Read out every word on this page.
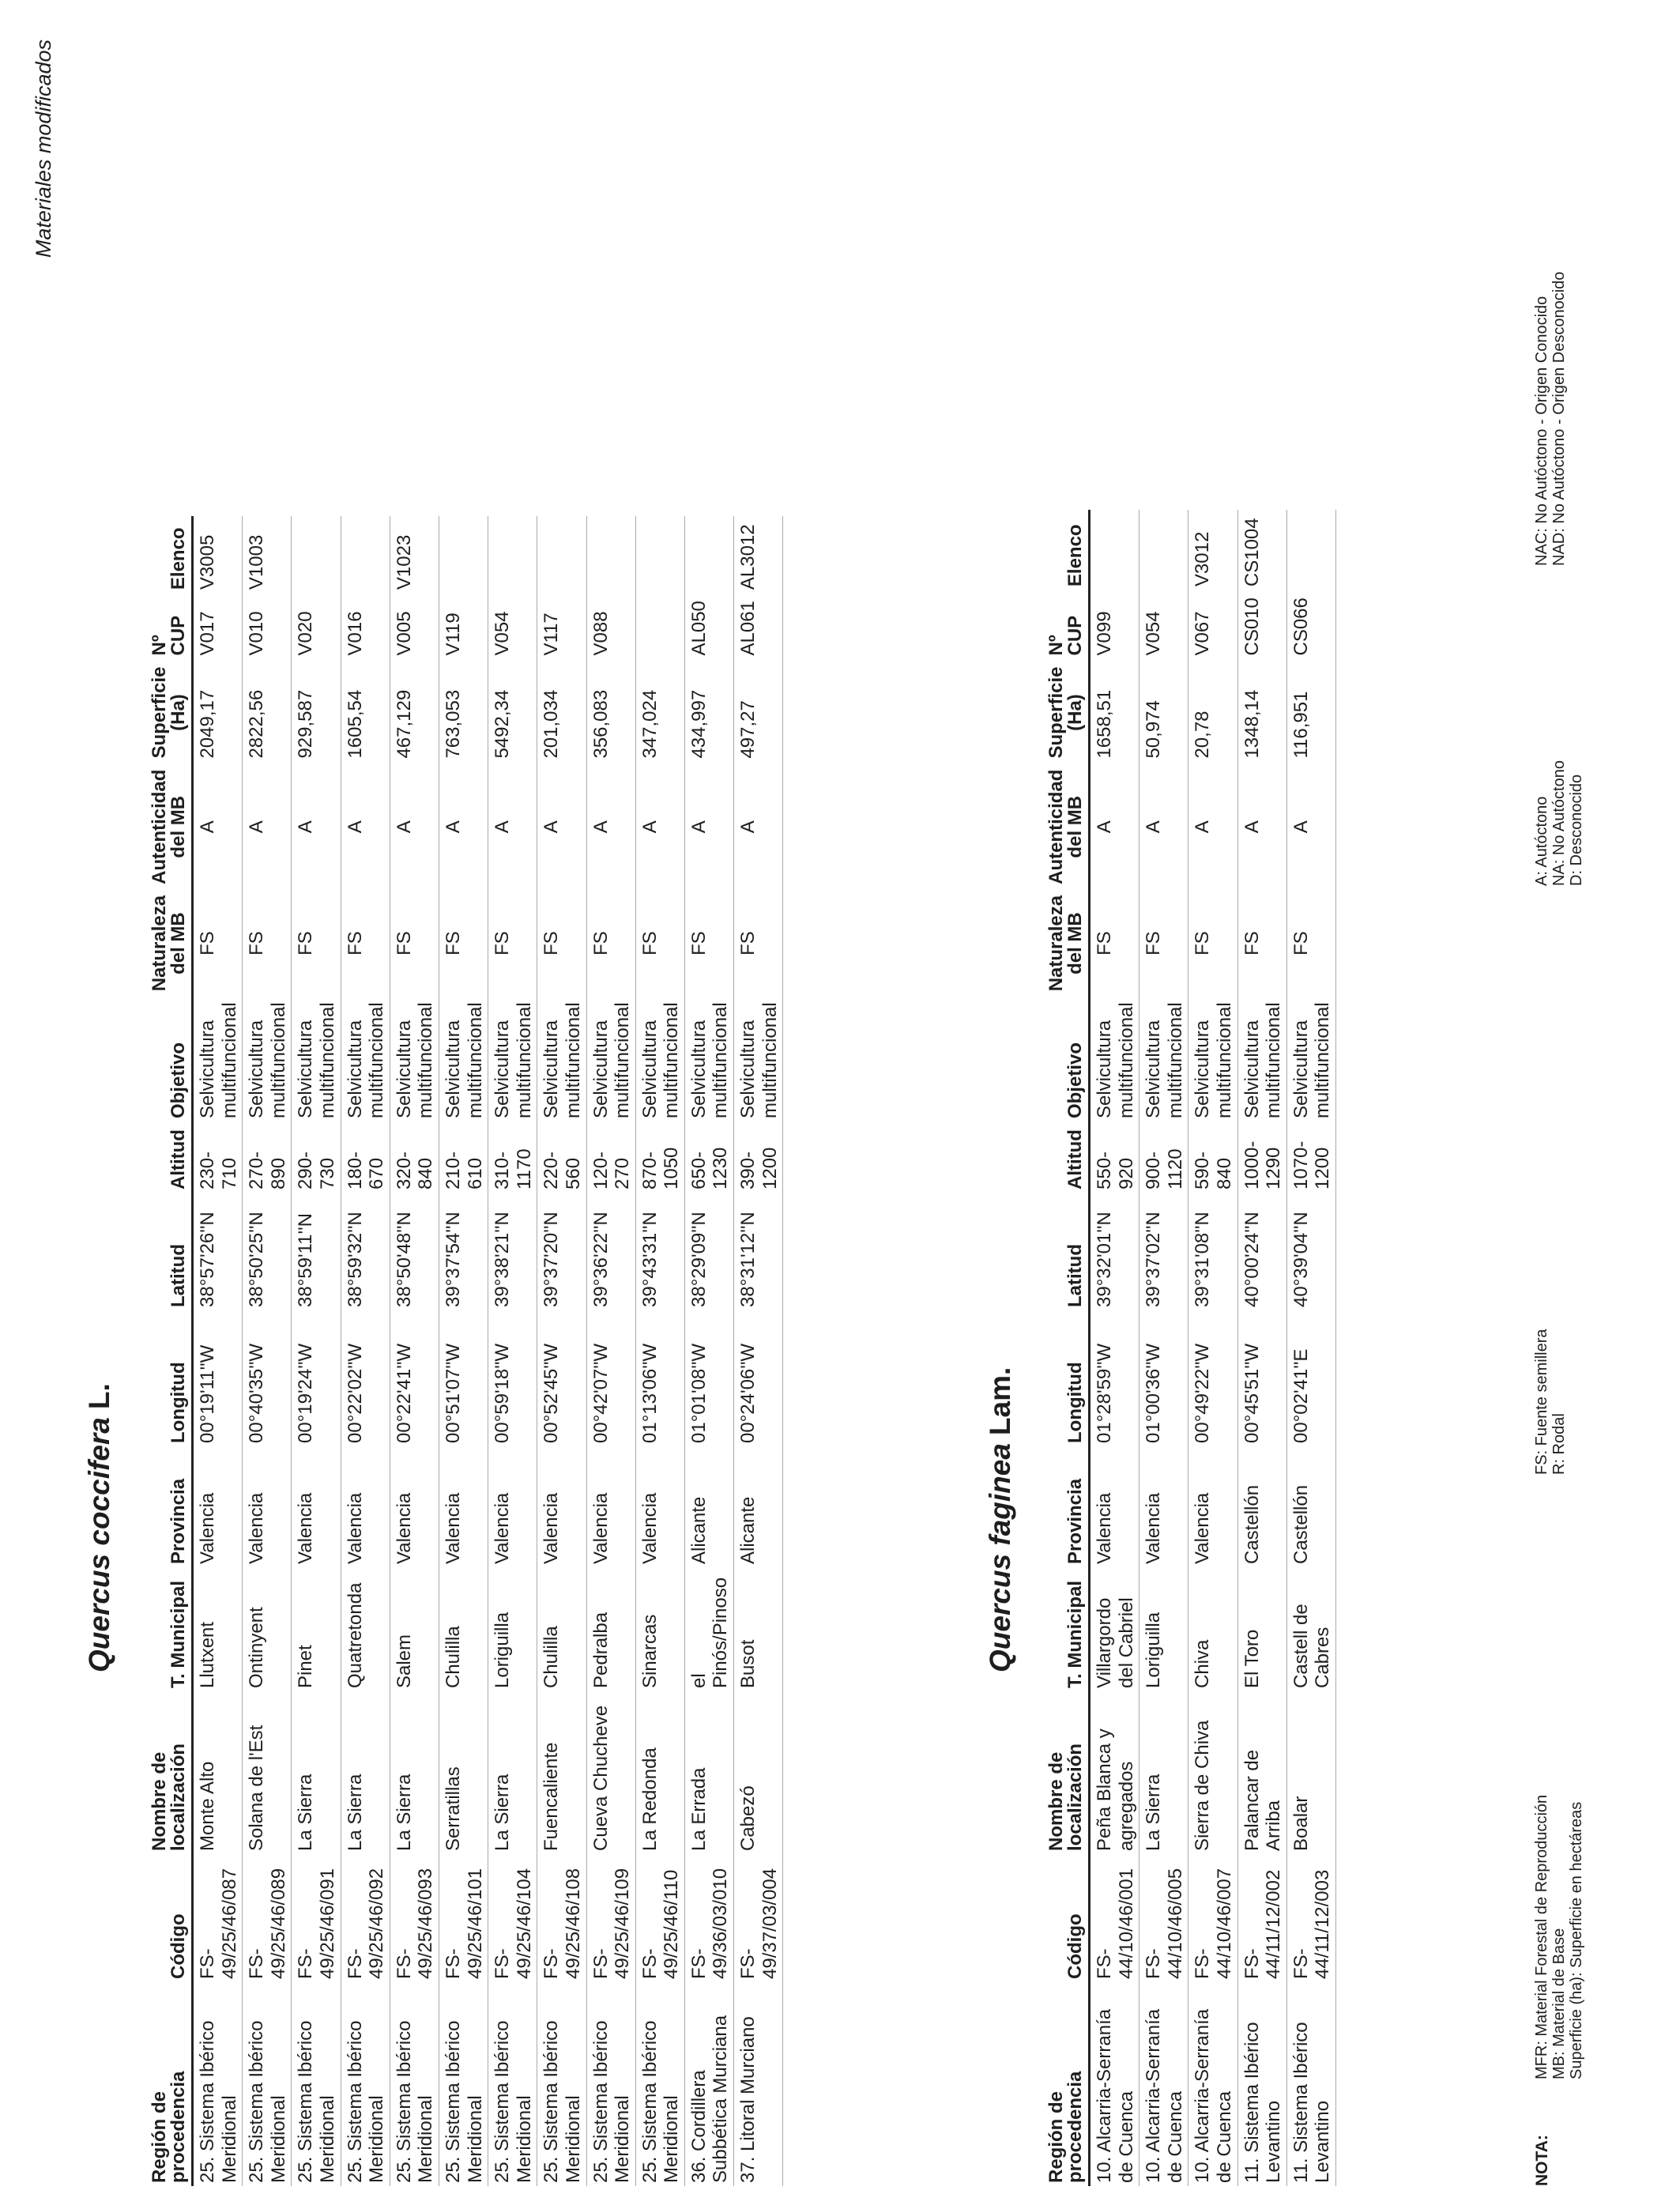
Materiales modificados
Quercus cocciferaL.
Región de procedencia	Código	Nombre de localización	T. Municipal	Provincia	Longitud	Latitud	Altitud	Objetivo	Naturaleza del MB	Autenticidad del MB	Superficie (Ha)	Nº CUP	Elenco
25. Sistema Ibérico Meridional	FS-49/25/46/087	Monte Alto	Llutxent	Valencia	00°19'11''W	38°57'26''N	230-710	Selvicultura multifuncional	FS	A	2049,17	V017	V3005
25. Sistema Ibérico Meridional	FS-49/25/46/089	Solana de l'Est	Ontinyent	Valencia	00°40'35''W	38°50'25''N	270-890	Selvicultura multifuncional	FS	A	2822,56	V010	V1003
25. Sistema Ibérico Meridional	FS-49/25/46/091	La Sierra	Pinet	Valencia	00°19'24''W	38°59'11''N	290-730	Selvicultura multifuncional	FS	A	929,587	V020	
25. Sistema Ibérico Meridional	FS-49/25/46/092	La Sierra	Quatretonda	Valencia	00°22'02''W	38°59'32''N	180-670	Selvicultura multifuncional	FS	A	1605,54	V016	
25. Sistema Ibérico Meridional	FS-49/25/46/093	La Sierra	Salem	Valencia	00°22'41''W	38°50'48''N	320-840	Selvicultura multifuncional	FS	A	467,129	V005	V1023
25. Sistema Ibérico Meridional	FS-49/25/46/101	Serratillas	Chulilla	Valencia	00°51'07''W	39°37'54''N	210-610	Selvicultura multifuncional	FS	A	763,053	V119	
25. Sistema Ibérico Meridional	FS-49/25/46/104	La Sierra	Loriguilla	Valencia	00°59'18''W	39°38'21''N	310-1170	Selvicultura multifuncional	FS	A	5492,34	V054	
25. Sistema Ibérico Meridional	FS-49/25/46/108	Fuencaliente	Chulilla	Valencia	00°52'45''W	39°37'20''N	220-560	Selvicultura multifuncional	FS	A	201,034	V117	
25. Sistema Ibérico Meridional	FS-49/25/46/109	Cueva Chucheve	Pedralba	Valencia	00°42'07''W	39°36'22''N	120-270	Selvicultura multifuncional	FS	A	356,083	V088	
25. Sistema Ibérico Meridional	FS-49/25/46/110	La Redonda	Sinarcas	Valencia	01°13'06''W	39°43'31''N	870-1050	Selvicultura multifuncional	FS	A	347,024		
36. Cordillera Subbética Murciana	FS-49/36/03/010	La Errada	el Pinós/Pinoso	Alicante	01°01'08''W	38°29'09''N	650-1230	Selvicultura multifuncional	FS	A	434,997	AL050	
37. Litoral Murciano	FS-49/37/03/004	Cabezó	Busot	Alicante	00°24'06''W	38°31'12''N	390-1200	Selvicultura multifuncional	FS	A	497,27	AL061	AL3012
Quercus fagineaLam.
Región de procedencia	Código	Nombre de localización	T. Municipal	Provincia	Longitud	Latitud	Altitud	Objetivo	Naturaleza del MB	Autenticidad del MB	Superficie (Ha)	Nº CUP	Elenco
10. Alcarria-Serranía de Cuenca	FS-44/10/46/001	Peña Blanca y agregados	Villargordo del Cabriel	Valencia	01°28'59''W	39°32'01''N	550-920	Selvicultura multifuncional	FS	A	1658,51	V099	
10. Alcarria-Serranía de Cuenca	FS-44/10/46/005	La Sierra	Loriguilla	Valencia	01°00'36''W	39°37'02''N	900-1120	Selvicultura multifuncional	FS	A	50,974	V054	
10. Alcarria-Serranía de Cuenca	FS-44/10/46/007	Sierra de Chiva	Chiva	Valencia	00°49'22''W	39°31'08''N	590-840	Selvicultura multifuncional	FS	A	20,78	V067	V3012
11. Sistema Ibérico Levantino	FS-44/11/12/002	Palancar de Arriba	El Toro	Castellón	00°45'51''W	40°00'24''N	1000-1290	Selvicultura multifuncional	FS	A	1348,14	CS010	CS1004
11. Sistema Ibérico Levantino	FS-44/11/12/003	Boalar	Castell de Cabres	Castellón	00°02'41''E	40°39'04''N	1070-1200	Selvicultura multifuncional	FS	A	116,951	CS066	
NOTA:
MFR: Material Forestal de Reproducción MB: Material de Base Superficie (ha): Superficie en hectáreas
FS: Fuente semillera R: Rodal
A: Autóctono NA: No Autóctono D: Desconocido
NAC: No Autóctono - Origen Conocido NAD: No Autóctono - Origen Desconocido
